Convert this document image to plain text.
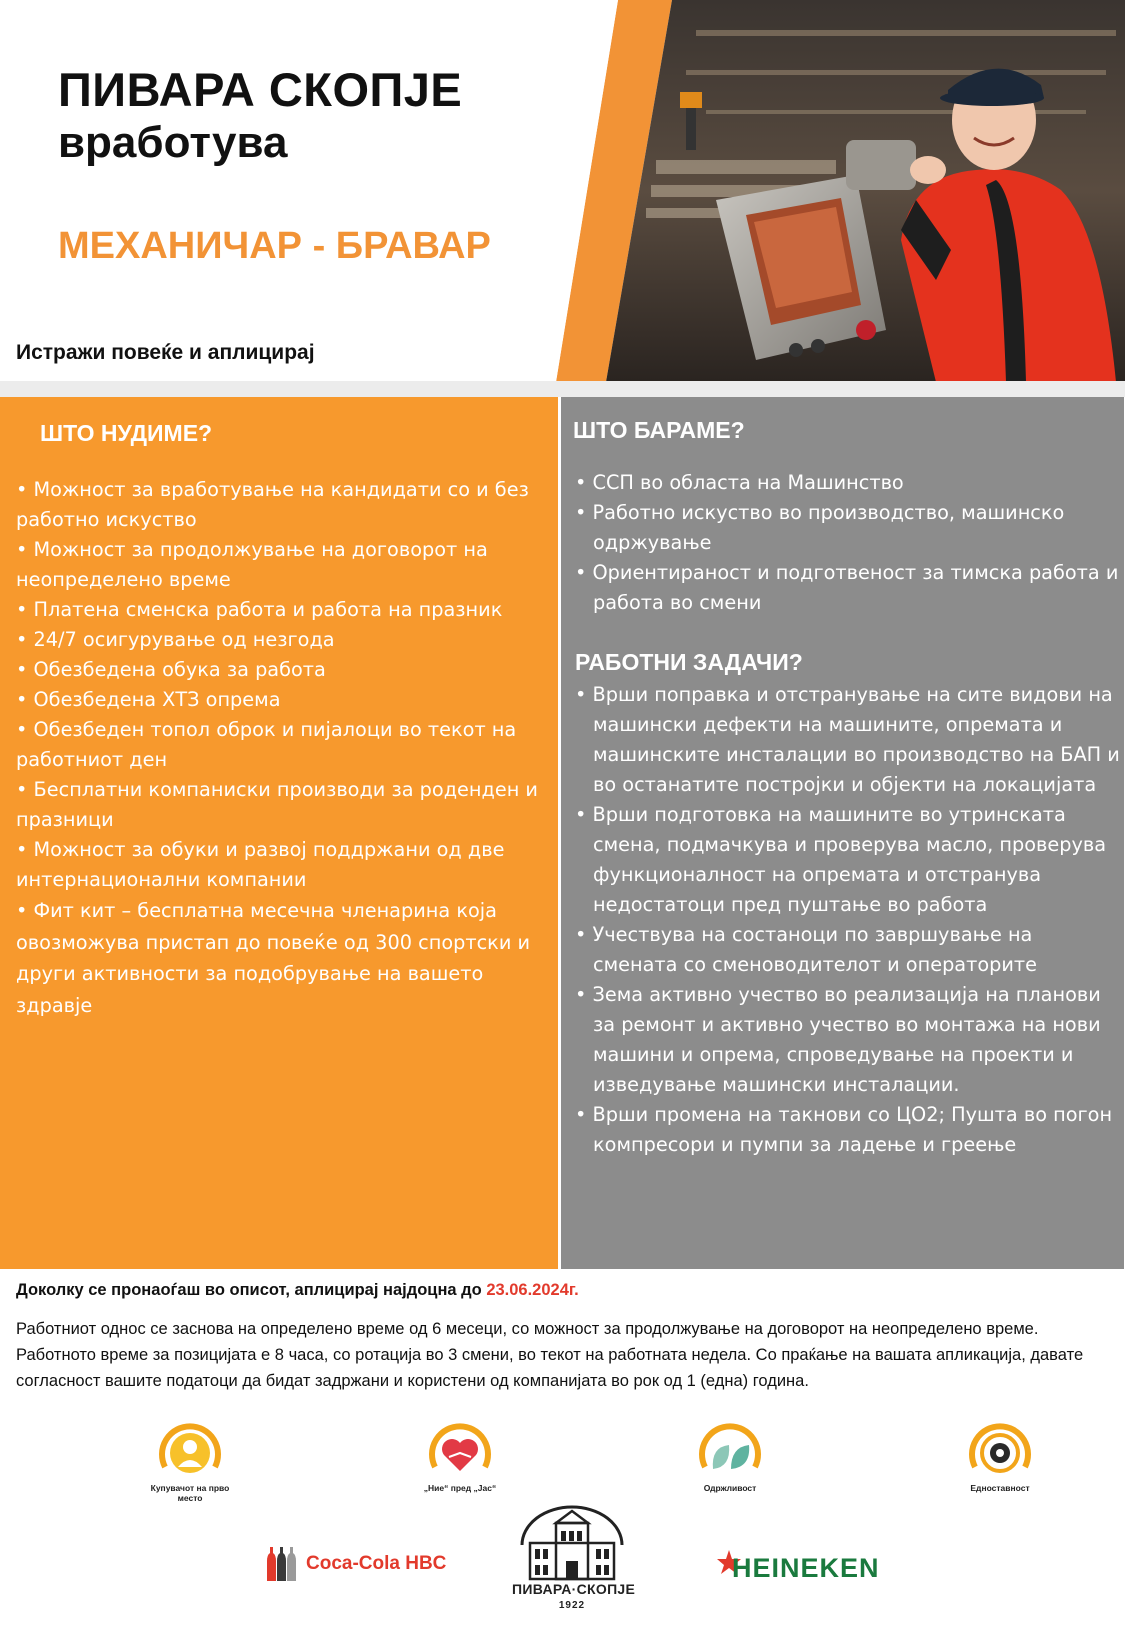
ПИВАРА СКОПЈЕ
вработува
МЕХАНИЧАР - БРАВАР
Истражи повеќе и аплицирај
ШТО НУДИМЕ?
• Можност за вработување на кандидати со и без работно искуство
• Можност за продолжување на договорот на неопределено време
• Платена сменска работа и работа на празник
• 24/7 осигурување од незгода
• Обезбедена обука за работа
• Обезбедена ХТЗ опрема
• Обезбеден топол оброк и пијалоци во текот на работниот ден
• Бесплатни компаниски производи за роденден и празници
• Можност за обуки и развој поддржани од две интернационални компании
• Фит кит – бесплатна месечна членарина која овозможува пристап до повеќе од 300 спортски и други активности за подобрување на вашето здравје
ШТО БАРАМЕ?
• ССП во областа на Машинство
• Работно искуство во производство, машинско одржување
• Ориентираност и подготвеност за тимска работа и работа во смени
РАБОТНИ ЗАДАЧИ?
• Врши поправка и отстранување на сите видови на машински дефекти на машините, опремата и машинските инсталации во производство на БАП и во останатите постројки и објекти на локацијата
• Врши подготовка на машините во утринската смена, подмачкува и проверува масло, проверува функционалност на опремата и отстранува недостатоци пред пуштање во работа
• Учествува на состаноци по завршување на смената со сменоводителот и операторите
• Зема активно учество во реализација на планови за ремонт и активно учество во монтажа на нови машини и опрема, спроведување на проекти и изведување машински инсталации.
• Врши промена на такнови со ЦО2; Пушта во погон компресори и пумпи за ладење и греење
Доколку се пронаоѓаш во описот, аплицирај најдоцна до 23.06.2024г.
Работниот однос се заснова на определено време од 6 месеци, со можност за продолжување на договорот на неопределено време. Работното време за позицијата е 8 часа, со ротација во 3 смени, во текот на работната недела. Со праќање на вашата апликација, давате согласност вашите податоци да бидат задржани и користени од компанијата во рок од 1 (една) година.
Купувачот на прво место
„Ние“ пред „Јас“	Одржливост	Едноставност
Coca-Cola HBC
ПИВАРА·СКОПЈЕ
1922
HEINEKEN
